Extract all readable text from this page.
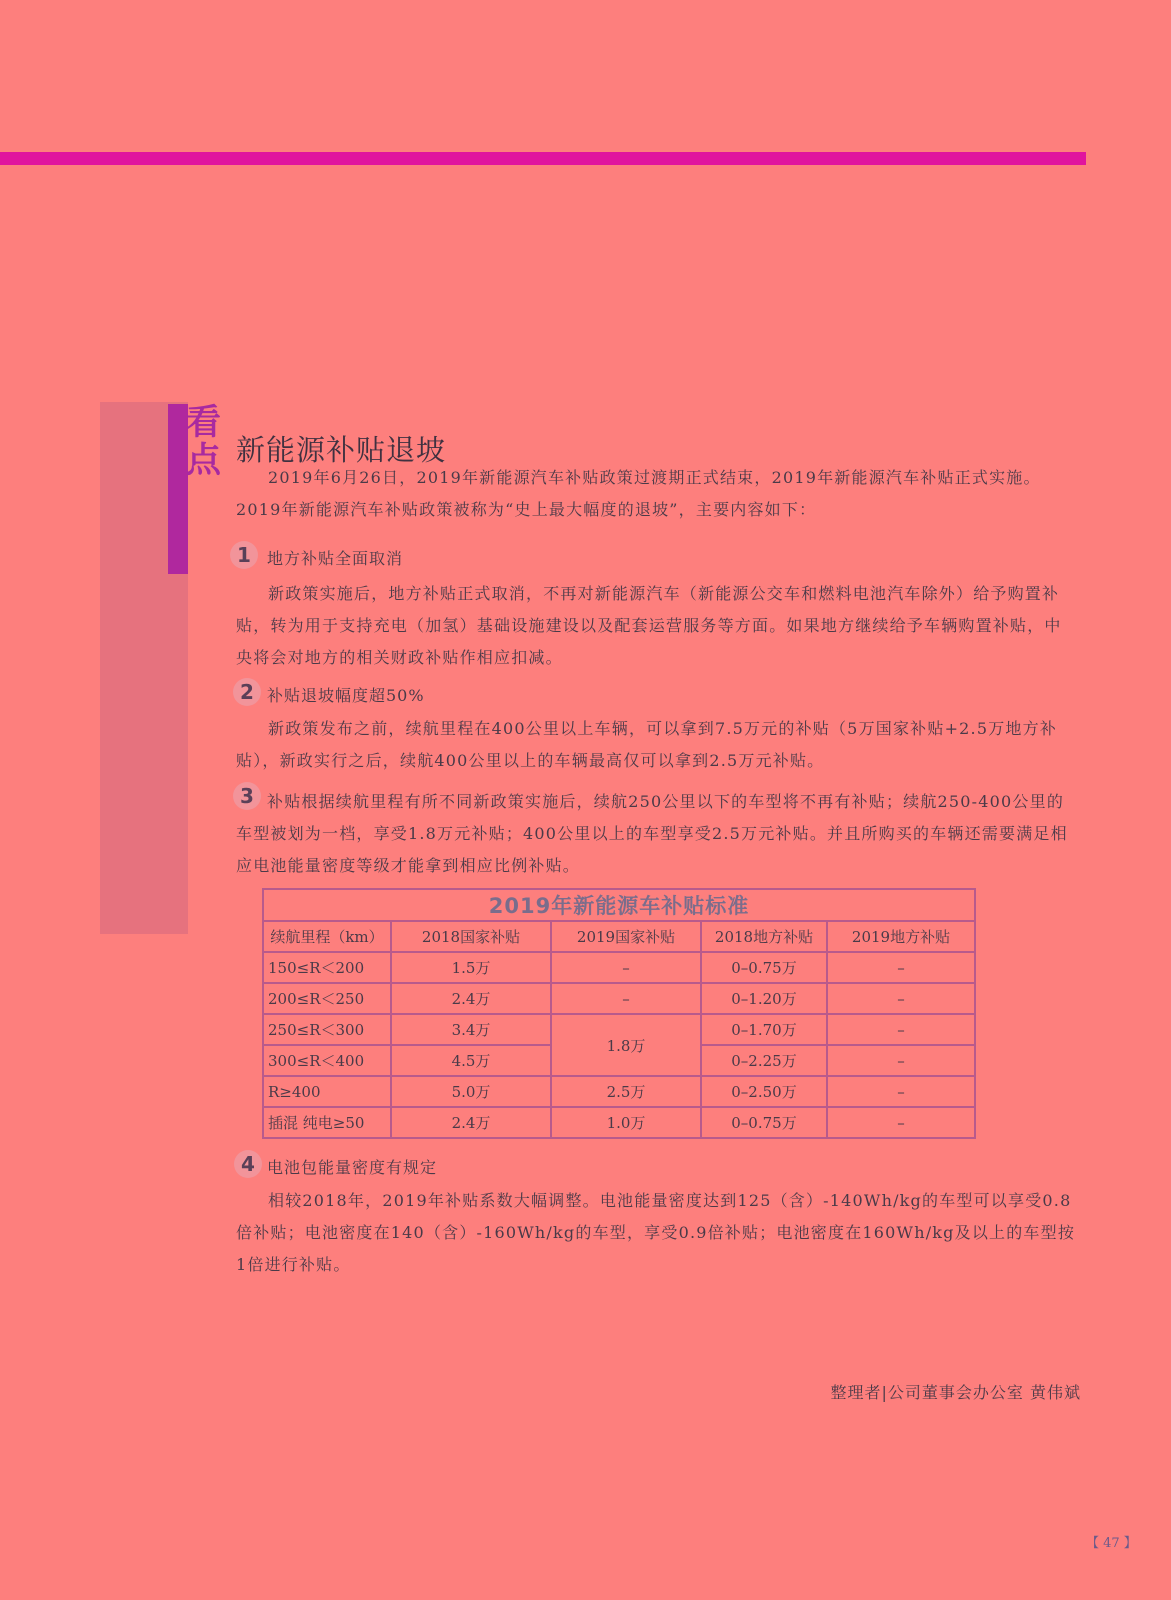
看点 新能源补贴退坡

2019年6月26日，2019年新能源汽车补贴政策过渡期正式结束，2019年新能源汽车补贴正式实施。2019年新能源汽车补贴政策被称为“史上最大幅度的退坡”，主要内容如下：

1	地方补贴全面取消

新政策实施后，地方补贴正式取消，不再对新能源汽车（新能源公交车和燃料电池汽车除外）给予购置补贴，转为用于支持充电（加氢）基础设施建设以及配套运营服务等方面。如果地方继续给予车辆购置补贴，中央将会对地方的相关财政补贴作相应扣减。

2 补贴退坡幅度超50%

新政策发布之前，续航里程在400公里以上车辆，可以拿到7.5万元的补贴（5万国家补贴+2.5万地方补贴），新政实行之后，续航400公里以上的车辆最高仅可以拿到2.5万元补贴。

3 补贴根据续航里程有所不同新政策实施后，续航250公里以下的车型将不再有补贴；续航250-400公里的车型被划为一档，享受1.8万元补贴；400公里以上的车型享受2.5万元补贴。并且所购买的车辆还需要满足相应电池能量密度等级才能拿到相应比例补贴。

2019年新能源车补贴标准				
续航里程（km）	2018国家补贴	2019国家补贴	2018地方补贴	2019地方补贴
150≤R＜200	1.5万	–	0–0.75万	–
200≤R＜250	2.4万	–	0–1.20万	–
250≤R＜300	3.4万	1.8万	0–1.70万	–
300≤R＜400	4.5万		0–2.25万	–
R≥400	5.0万	2.5万	0–2.50万	–
插混 纯电≥50	2.4万	1.0万	0–0.75万	–
4 电池包能量密度有规定

相较2018年，2019年补贴系数大幅调整。电池能量密度达到125（含）-140Wh/kg的车型可以享受0.8倍补贴；电池密度在140（含）-160Wh/kg的车型，享受0.9倍补贴；电池密度在160Wh/kg及以上的车型按1倍进行补贴。

整理者|公司董事会办公室 黄伟斌
【 47 】
